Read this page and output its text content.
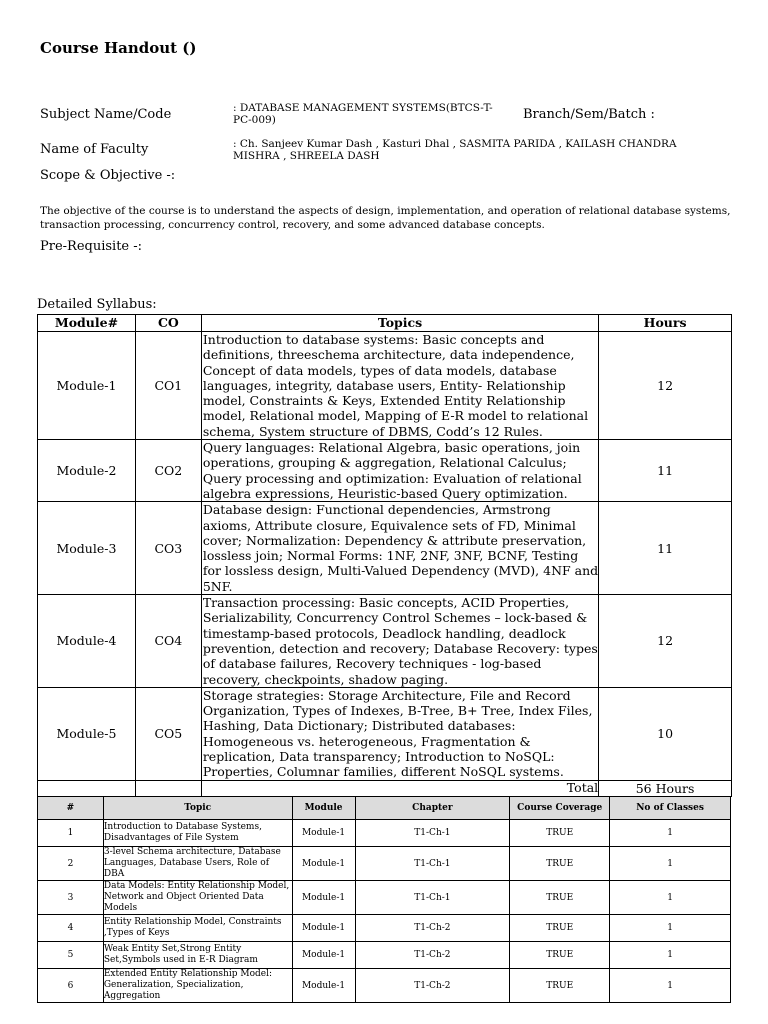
Course Handout ()
Subject Name/Code	: DATABASE MANAGEMENT SYSTEMS(BTCS-T-PC-009)	Branch/Sem/Batch :
Name of Faculty	: Ch. Sanjeev Kumar Dash , Kasturi Dhal , SASMITA PARIDA , KAILASH CHANDRA MISHRA , SHREELA DASH
Scope & Objective -:
The objective of the course is to understand the aspects of design, implementation, and operation of relational database systems, transaction processing, concurrency control, recovery, and some advanced database concepts.
Pre-Requisite -:
Detailed Syllabus:
Module#	CO	Topics	Hours
Module-1	CO1	Introduction to database systems: Basic concepts and definitions, threeschema architecture, data independence, Concept of data models, types of data models, database languages, integrity, database users, Entity- Relationship model, Constraints & Keys, Extended Entity Relationship model, Relational model, Mapping of E-R model to relational schema, System structure of DBMS, Codd’s 12 Rules.	12
Module-2	CO2	Query languages: Relational Algebra, basic operations, join operations, grouping & aggregation, Relational Calculus; Query processing and optimization: Evaluation of relational algebra expressions, Heuristic-based Query optimization.	11
Module-3	CO3	Database design: Functional dependencies, Armstrong axioms, Attribute closure, Equivalence sets of FD, Minimal cover; Normalization: Dependency & attribute preservation, lossless join; Normal Forms: 1NF, 2NF, 3NF, BCNF, Testing for lossless design, Multi-Valued Dependency (MVD), 4NF and 5NF.	11
Module-4	CO4	Transaction processing: Basic concepts, ACID Properties, Serializability, Concurrency Control Schemes – lock-based & timestamp-based protocols, Deadlock handling, deadlock prevention, detection and recovery; Database Recovery: types of database failures, Recovery techniques - log-based recovery, checkpoints, shadow paging.	12
Module-5	CO5	Storage strategies: Storage Architecture, File and Record Organization, Types of Indexes, B-Tree, B+ Tree, Index Files, Hashing, Data Dictionary; Distributed databases: Homogeneous vs. heterogeneous, Fragmentation & replication, Data transparency; Introduction to NoSQL: Properties, Columnar families, different NoSQL systems.	10
		Total	56 Hours
#	Topic	Module	Chapter	Course Coverage	No of Classes
1	Introduction to Database Systems, Disadvantages of File System	Module-1	T1-Ch-1	TRUE	1
2	3-level Schema architecture, Database Languages, Database Users, Role of DBA	Module-1	T1-Ch-1	TRUE	1
3	Data Models: Entity Relationship Model, Network and Object Oriented Data Models	Module-1	T1-Ch-1	TRUE	1
4	Entity Relationship Model, Constraints ,Types of Keys	Module-1	T1-Ch-2	TRUE	1
5	Weak Entity Set,Strong Entity Set,Symbols used in E-R Diagram	Module-1	T1-Ch-2	TRUE	1
6	Extended Entity Relationship Model: Generalization, Specialization, Aggregation	Module-1	T1-Ch-2	TRUE	1
